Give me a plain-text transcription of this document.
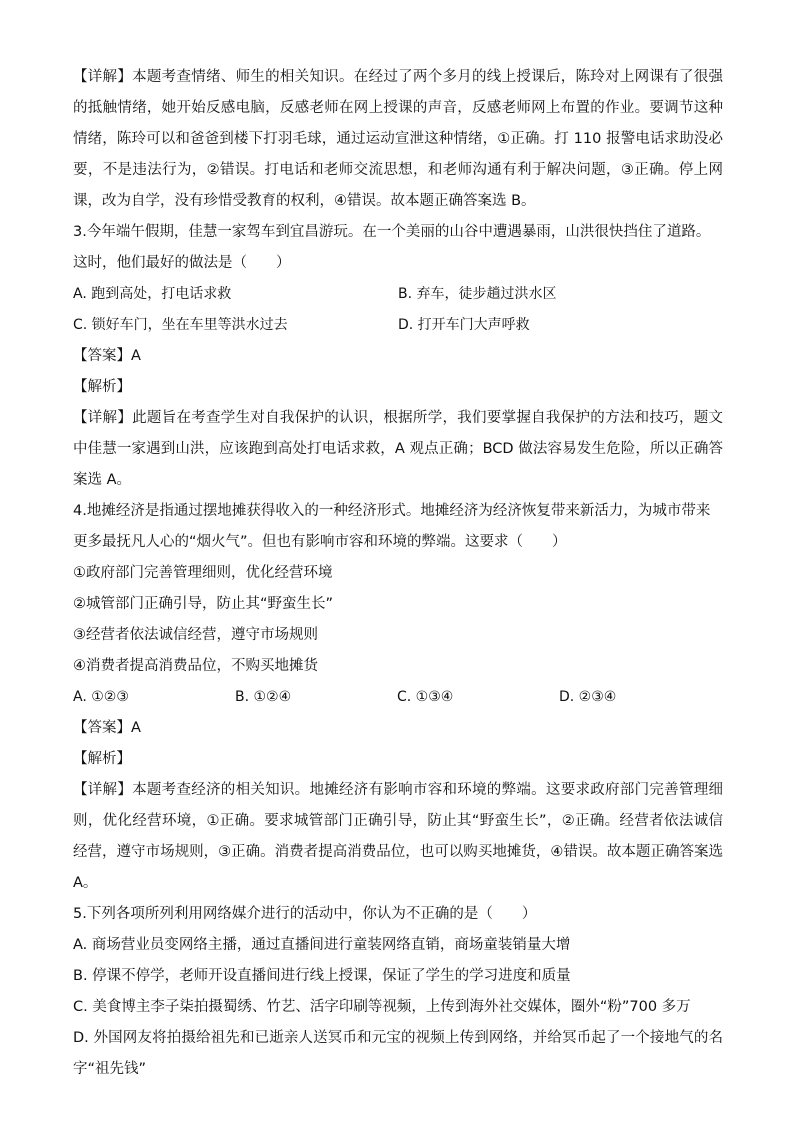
【详解】本题考查情绪、师生的相关知识。在经过了两个多月的线上授课后，陈玲对上网课有了很强的抵触情绪，她开始反感电脑，反感老师在网上授课的声音，反感老师网上布置的作业。要调节这种情绪，陈玲可以和爸爸到楼下打羽毛球，通过运动宣泄这种情绪，①正确。打 110 报警电话求助没必要，不是违法行为，②错误。打电话和老师交流思想，和老师沟通有利于解决问题，③正确。停上网课，改为自学，没有珍惜受教育的权利，④错误。故本题正确答案选 B。

3.今年端午假期，佳慧一家驾车到宜昌游玩。在一个美丽的山谷中遭遇暴雨，山洪很快挡住了道路。这时，他们最好的做法是（　　）

A. 跑到高处，打电话求救	B. 弃车，徒步趟过洪水区
C. 锁好车门，坐在车里等洪水过去	D. 打开车门大声呼救

【答案】A

【解析】

【详解】此题旨在考查学生对自我保护的认识，根据所学，我们要掌握自我保护的方法和技巧，题文中佳慧一家遇到山洪，应该跑到高处打电话求救，A 观点正确；BCD 做法容易发生危险，所以正确答案选 A。

4.地摊经济是指通过摆地摊获得收入的一种经济形式。地摊经济为经济恢复带来新活力，为城市带来更多最抚凡人心的“烟火气”。但也有影响市容和环境的弊端。这要求（　　）

①政府部门完善管理细则，优化经营环境

②城管部门正确引导，防止其“野蛮生长”

③经营者依法诚信经营，遵守市场规则

④消费者提高消费品位，不购买地摊货

A. ①②③	B. ①②④	C. ①③④	D. ②③④

【答案】A

【解析】

【详解】本题考查经济的相关知识。地摊经济有影响市容和环境的弊端。这要求政府部门完善管理细则，优化经营环境，①正确。要求城管部门正确引导，防止其“野蛮生长”，②正确。经营者依法诚信经营，遵守市场规则，③正确。消费者提高消费品位，也可以购买地摊货，④错误。故本题正确答案选 A。

5.下列各项所列利用网络媒介进行的活动中，你认为不正确的是（　　）

A. 商场营业员变网络主播，通过直播间进行童装网络直销，商场童装销量大增

B. 停课不停学，老师开设直播间进行线上授课，保证了学生的学习进度和质量

C. 美食博主李子柒拍摄蜀绣、竹艺、活字印刷等视频，上传到海外社交媒体，圈外“粉”700 多万

D. 外国网友将拍摄给祖先和已逝亲人送冥币和元宝的视频上传到网络，并给冥币起了一个接地气的名字“祖先钱”
